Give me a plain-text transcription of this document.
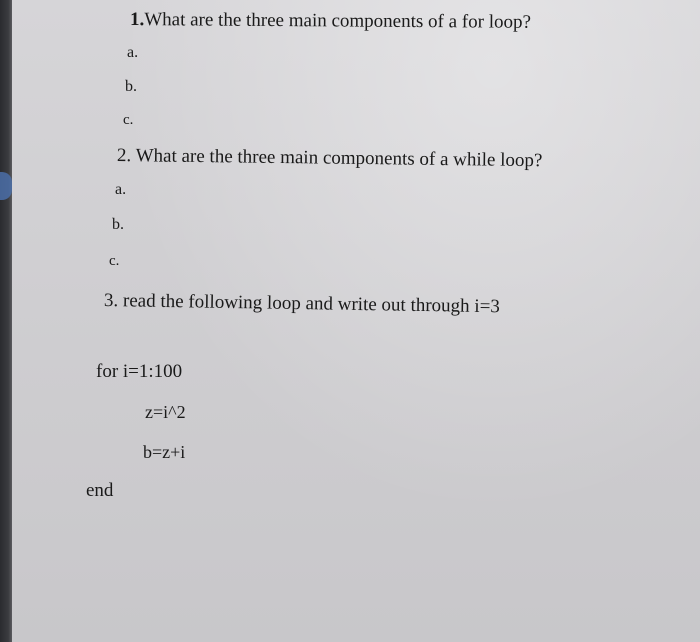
1.What are the three main components of a for loop?
a.
b.
c.
2. What are the three main components of a while loop?
a.
b.
c.
3. read the following loop and write out through i=3
for i=1:100
z=i^2
b=z+i
end
